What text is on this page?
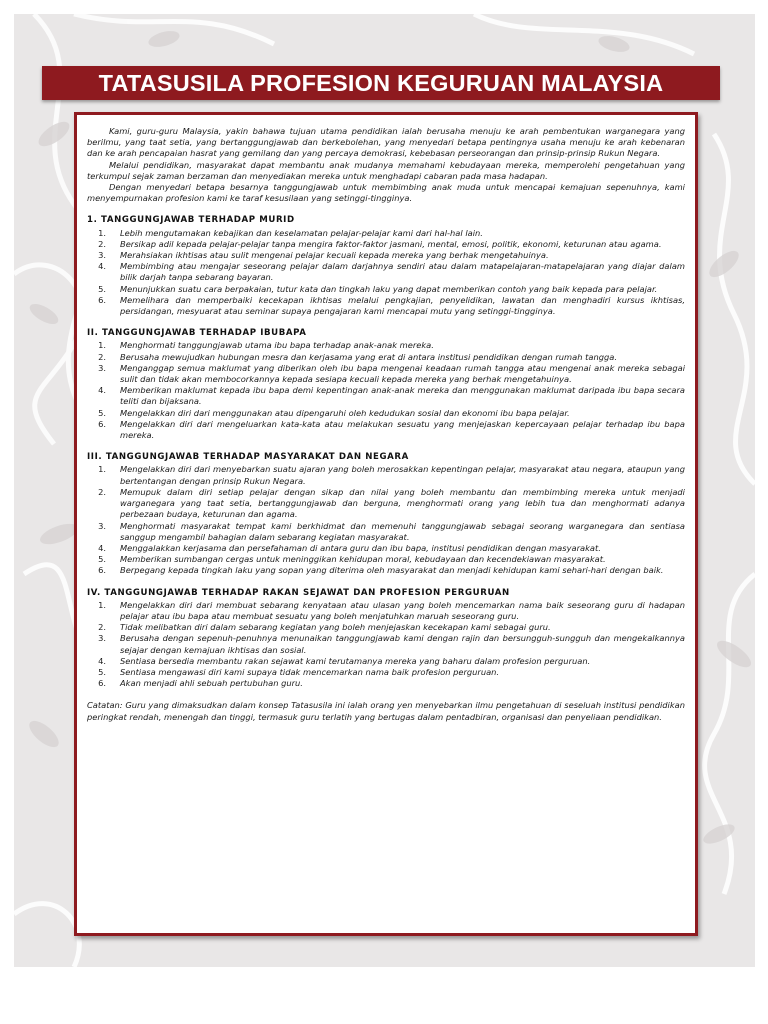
TATASUSILA PROFESION KEGURUAN MALAYSIA

Kami, guru-guru Malaysia, yakin bahawa tujuan utama pendidikan ialah berusaha menuju ke arah pembentukan warganegara yang berilmu, yang taat setia, yang bertanggungjawab dan berkebolehan, yang menyedari betapa pentingnya usaha menuju ke arah kebenaran dan ke arah pencapaian hasrat yang gemilang dan yang percaya demokrasi, kebebasan perseorangan dan prinsip-prinsip Rukun Negara.

Melalui pendidikan, masyarakat dapat membantu anak mudanya memahami kebudayaan mereka, memperolehi pengetahuan yang terkumpul sejak zaman berzaman dan menyediakan mereka untuk menghadapi cabaran pada masa hadapan.

Dengan menyedari betapa besarnya tanggungjawab untuk membimbing anak muda untuk mencapai kemajuan sepenuhnya, kami menyempurnakan profesion kami ke taraf kesusilaan yang setinggi-tingginya.

1. TANGGUNGJAWAB TERHADAP MURID
1.	Lebih mengutamakan kebajikan dan keselamatan pelajar-pelajar kami dari hal-hal lain.
2.	Bersikap adil kepada pelajar-pelajar tanpa mengira faktor-faktor jasmani, mental, emosi, politik, ekonomi, keturunan atau agama.
3.	Merahsiakan ikhtisas atau sulit mengenai pelajar kecuali kepada mereka yang berhak mengetahuinya.
4.	Membimbing atau mengajar seseorang pelajar dalam darjahnya sendiri atau dalam matapelajaran-matapelajaran yang diajar dalam bilik darjah tanpa sebarang bayaran.
5.	Menunjukkan suatu cara berpakaian, tutur kata dan tingkah laku yang dapat memberikan contoh yang baik kepada para pelajar.
6.	Memelihara dan memperbaiki kecekapan ikhtisas melalui pengkajian, penyelidikan, lawatan dan menghadiri kursus ikhtisas, persidangan, mesyuarat atau seminar supaya pengajaran kami mencapai mutu yang setinggi-tingginya.
II. TANGGUNGJAWAB TERHADAP IBUBAPA
1.	Menghormati tanggungjawab utama ibu bapa terhadap anak-anak mereka.
2.	Berusaha mewujudkan hubungan mesra dan kerjasama yang erat di antara institusi pendidikan dengan rumah tangga.
3.	Menganggap semua maklumat yang diberikan oleh ibu bapa mengenai keadaan rumah tangga atau mengenai anak mereka sebagai sulit dan tidak akan membocorkannya kepada sesiapa kecuali kepada mereka yang berhak mengetahuinya.
4.	Memberikan maklumat kepada ibu bapa demi kepentingan anak-anak mereka dan menggunakan maklumat daripada ibu bapa secara teliti dan bijaksana.
5.	Mengelakkan diri dari menggunakan atau dipengaruhi oleh kedudukan sosial dan ekonomi ibu bapa pelajar.
6.	Mengelakkan diri dari mengeluarkan kata-kata atau melakukan sesuatu yang menjejaskan kepercayaan pelajar terhadap ibu bapa mereka.
III. TANGGUNGJAWAB TERHADAP MASYARAKAT DAN NEGARA
1.	Mengelakkan diri dari menyebarkan suatu ajaran yang boleh merosakkan kepentingan pelajar, masyarakat atau negara, ataupun yang bertentangan dengan prinsip Rukun Negara.
2.	Memupuk dalam diri setiap pelajar dengan sikap dan nilai yang boleh membantu dan membimbing mereka untuk menjadi warganegara yang taat setia, bertanggungjawab dan berguna, menghormati orang yang lebih tua dan menghormati adanya perbezaan budaya, keturunan dan agama.
3.	Menghormati masyarakat tempat kami berkhidmat dan memenuhi tanggungjawab sebagai seorang warganegara dan sentiasa sanggup mengambil bahagian dalam sebarang kegiatan masyarakat.
4.	Menggalakkan kerjasama dan persefahaman di antara guru dan ibu bapa, institusi pendidikan dengan masyarakat.
5.	Memberikan sumbangan cergas untuk meninggikan kehidupan moral, kebudayaan dan kecendekiawan masyarakat.
6.	Berpegang kepada tingkah laku yang sopan yang diterima oleh masyarakat dan menjadi kehidupan kami sehari-hari dengan baik.
IV. TANGGUNGJAWAB TERHADAP RAKAN SEJAWAT DAN PROFESION PERGURUAN
1.	Mengelakkan diri dari membuat sebarang kenyataan atau ulasan yang boleh mencemarkan nama baik seseorang guru di hadapan pelajar atau ibu bapa atau membuat sesuatu yang boleh menjatuhkan maruah seseorang guru.
2.	Tidak melibatkan diri dalam sebarang kegiatan yang boleh menjejaskan kecekapan kami sebagai guru.
3.	Berusaha dengan sepenuh-penuhnya menunaikan tanggungjawab kami dengan rajin dan bersungguh-sungguh dan mengekalkannya sejajar dengan kemajuan ikhtisas dan sosial.
4.	Sentiasa bersedia membantu rakan sejawat kami terutamanya mereka yang baharu dalam profesion perguruan.
5.	Sentiasa mengawasi diri kami supaya tidak mencemarkan nama baik profesion perguruan.
6.	Akan menjadi ahli sebuah pertubuhan guru.
Catatan: Guru yang dimaksudkan dalam konsep Tatasusila ini ialah orang yen menyebarkan ilmu pengetahuan di seseluah institusi pendidikan peringkat rendah, menengah dan tinggi, termasuk guru terlatih yang bertugas dalam pentadbiran, organisasi dan penyeliaan pendidikan.
